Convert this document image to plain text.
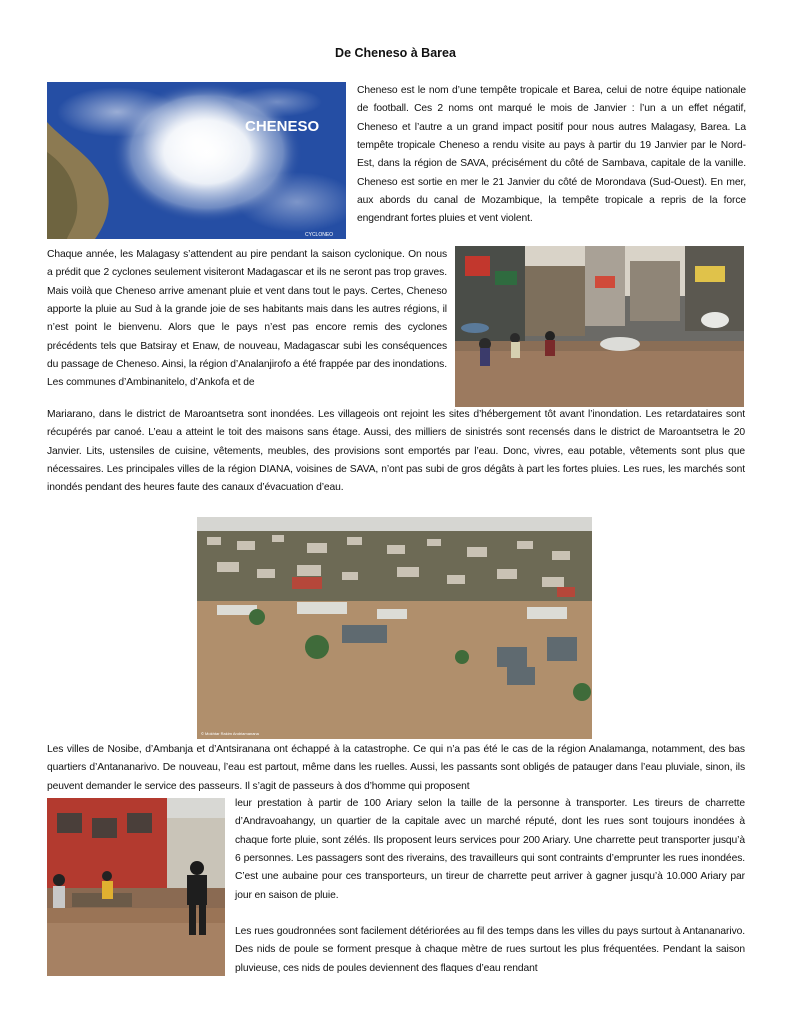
De Cheneso à Barea
CHENESO
CYCLONEO

Cheneso est le nom d’une tempête tropicale et Barea, celui de notre équipe nationale de football. Ces 2 noms ont marqué le mois de Janvier : l’un a un effet négatif, Cheneso et l’autre a un grand impact positif pour nous autres Malagasy, Barea. La tempête tropicale Cheneso a rendu visite au pays à partir du 19 Janvier par le Nord-Est, dans la région de SAVA, précisément du côté de Sambava, capitale de la vanille. Cheneso est sortie en mer le 21 Janvier du côté de Morondava (Sud-Ouest). En mer, aux abords du canal de Mozambique, la tempête tropicale a repris de la force engendrant fortes pluies et vent violent.

Chaque année, les Malagasy s’attendent au pire pendant la saison cyclonique. On nous a prédit que 2 cyclones seulement visiteront Madagascar et ils ne seront pas trop graves. Mais voilà que Cheneso arrive amenant pluie et vent dans tout le pays. Certes, Cheneso apporte la pluie au Sud à la grande joie de ses habitants mais dans les autres régions, il n’est point le bienvenu. Alors que le pays n’est pas encore remis des cyclones précédents tels que Batsiray et Enaw, de nouveau, Madagascar subi les conséquences du passage de Cheneso. Ainsi, la région d’Analanjirofo a été frappée par des inondations. Les communes d’Ambinanitelo, d’Ankofa et de

Mariarano, dans le district de Maroantsetra sont inondées. Les villageois ont rejoint les sites d’hébergement tôt avant l’inondation. Les retardataires sont récupérés par canoé. L’eau a atteint le toit des maisons sans étage. Aussi, des milliers de sinistrés sont recensés dans le district de Maroantsetra le 20 Janvier. Lits, ustensiles de cuisine, vêtements, meubles, des provisions sont emportés par l’eau. Donc, vivres, eau potable, vêtements sont plus que nécessaires. Les principales villes de la région DIANA, voisines de SAVA, n’ont pas subi de gros dégâts à part les fortes pluies. Les rues, les marchés sont inondés pendant des heures faute des canaux d’évacuation d’eau.

© Mokhtar Rakim Andriamanana

Les villes de Nosibe, d’Ambanja et d’Antsiranana ont échappé à la catastrophe. Ce qui n’a pas été le cas de la région Analamanga, notamment, des bas quartiers d’Antananarivo. De nouveau, l’eau est partout, même dans les ruelles. Aussi, les passants sont obligés de patauger dans l’eau pluviale, sinon, ils peuvent demander le service des passeurs. Il s’agit de passeurs à dos d’homme qui proposent

leur prestation à partir de 100 Ariary selon la taille de la personne à transporter. Les tireurs de charrette d’Andravoahangy, un quartier de la capitale avec un marché réputé, dont les rues sont toujours inondées à chaque forte pluie, sont zélés. Ils proposent leurs services pour 200 Ariary. Une charrette peut transporter jusqu’à 6 personnes. Les passagers sont des riverains, des travailleurs qui sont contraints d’emprunter les rues inondées. C’est une aubaine pour ces transporteurs, un tireur de charrette peut arriver à gagner jusqu’à 10.000 Ariary par jour en saison de pluie.

Les rues goudronnées sont facilement détériorées au fil des temps dans les villes du pays surtout à Antananarivo. Des nids de poule se forment presque à chaque mètre de rues surtout les plus fréquentées. Pendant la saison pluvieuse, ces nids de poules deviennent des flaques d’eau rendant
